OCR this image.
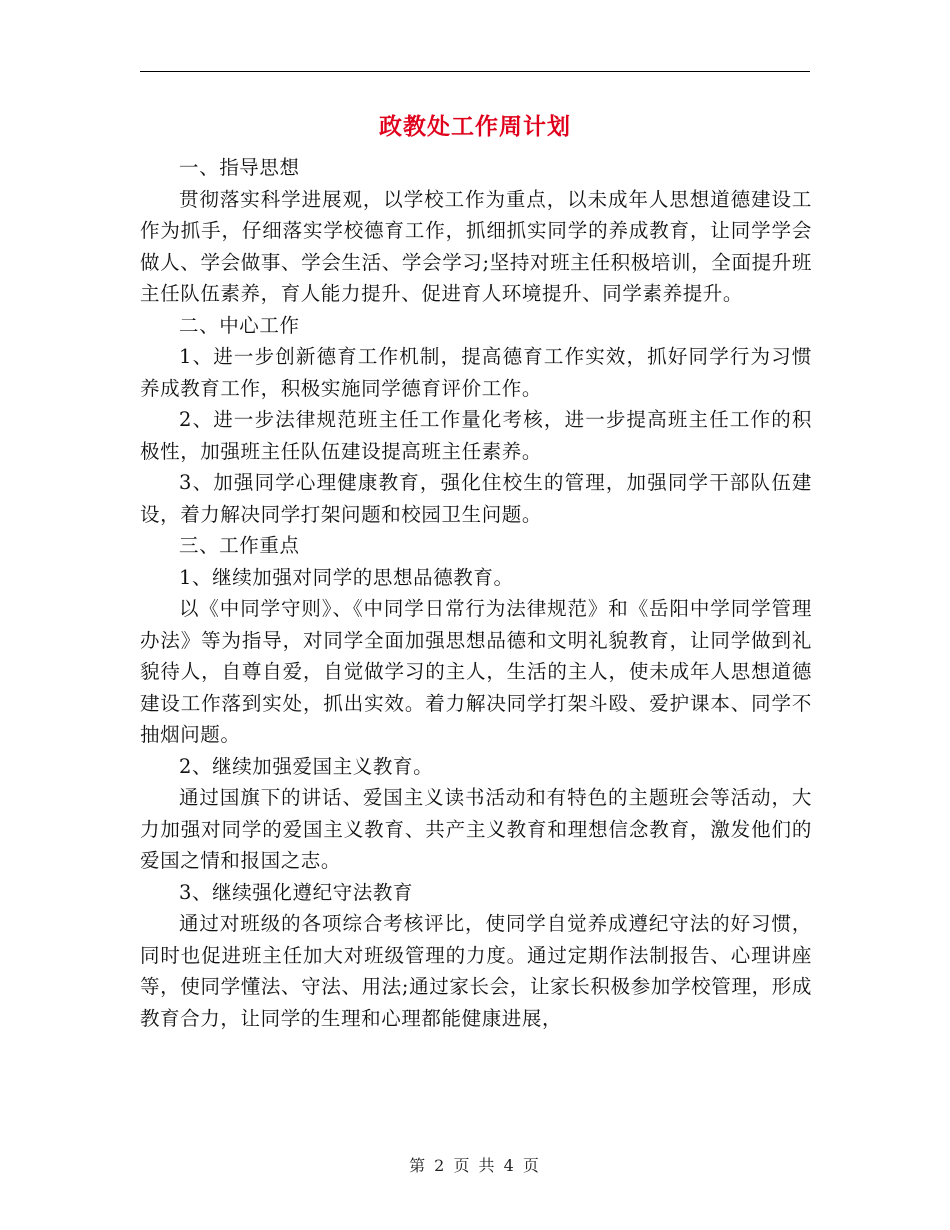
政教处工作周计划

一、指导思想

贯彻落实科学进展观，以学校工作为重点，以未成年人思想道德建设工作为抓手，仔细落实学校德育工作，抓细抓实同学的养成教育，让同学学会做人、学会做事、学会生活、学会学习;坚持对班主任积极培训，全面提升班主任队伍素养，育人能力提升、促进育人环境提升、同学素养提升。

二、中心工作

1、进一步创新德育工作机制，提高德育工作实效，抓好同学行为习惯养成教育工作，积极实施同学德育评价工作。

2、进一步法律规范班主任工作量化考核，进一步提高班主任工作的积极性，加强班主任队伍建设提高班主任素养。

3、加强同学心理健康教育，强化住校生的管理，加强同学干部队伍建设，着力解决同学打架问题和校园卫生问题。

三、工作重点

1、继续加强对同学的思想品德教育。

以《中同学守则》、《中同学日常行为法律规范》和《岳阳中学同学管理办法》等为指导，对同学全面加强思想品德和文明礼貌教育，让同学做到礼貌待人，自尊自爱，自觉做学习的主人，生活的主人，使未成年人思想道德建设工作落到实处，抓出实效。着力解决同学打架斗殴、爱护课本、同学不抽烟问题。

2、继续加强爱国主义教育。

通过国旗下的讲话、爱国主义读书活动和有特色的主题班会等活动，大力加强对同学的爱国主义教育、共产主义教育和理想信念教育，激发他们的爱国之情和报国之志。

3、继续强化遵纪守法教育

通过对班级的各项综合考核评比，使同学自觉养成遵纪守法的好习惯，同时也促进班主任加大对班级管理的力度。通过定期作法制报告、心理讲座等，使同学懂法、守法、用法;通过家长会，让家长积极参加学校管理，形成教育合力，让同学的生理和心理都能健康进展，

第 2 页 共 4 页
